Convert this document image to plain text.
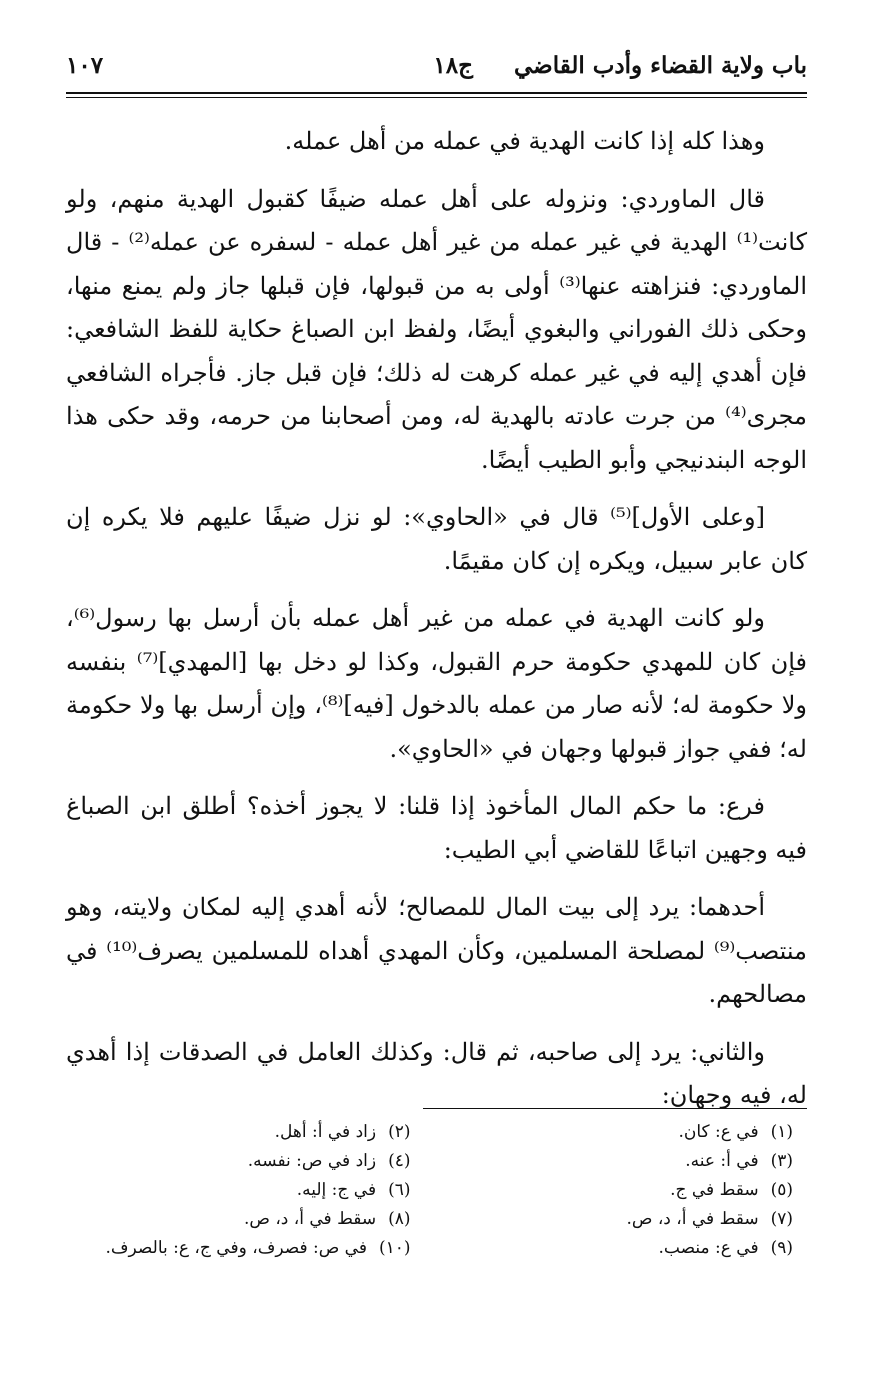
باب ولاية القضاء وأدب القاضي
ج١٨
١٠٧

وهذا كله إذا كانت الهدية في عمله من أهل عمله.

قال الماوردي: ونزوله على أهل عمله ضيفًا كقبول الهدية منهم، ولو كانت⁽¹⁾ الهدية في غير عمله من غير أهل عمله - لسفره عن عمله⁽²⁾ - قال الماوردي: فنزاهته عنها⁽³⁾ أولى به من قبولها، فإن قبلها جاز ولم يمنع منها، وحكى ذلك الفوراني والبغوي أيضًا، ولفظ ابن الصباغ حكاية للفظ الشافعي: فإن أهدي إليه في غير عمله كرهت له ذلك؛ فإن قبل جاز. فأجراه الشافعي مجرى⁽⁴⁾ من جرت عادته بالهدية له، ومن أصحابنا من حرمه، وقد حكى هذا الوجه البندنيجي وأبو الطيب أيضًا.

[وعلى الأول]⁽⁵⁾ قال في «الحاوي»: لو نزل ضيفًا عليهم فلا يكره إن كان عابر سبيل، ويكره إن كان مقيمًا.

ولو كانت الهدية في عمله من غير أهل عمله بأن أرسل بها رسول⁽⁶⁾، فإن كان للمهدي حكومة حرم القبول، وكذا لو دخل بها [المهدي]⁽⁷⁾ بنفسه ولا حكومة له؛ لأنه صار من عمله بالدخول [فيه]⁽⁸⁾، وإن أرسل بها ولا حكومة له؛ ففي جواز قبولها وجهان في «الحاوي».

فرع: ما حكم المال المأخوذ إذا قلنا: لا يجوز أخذه؟ أطلق ابن الصباغ فيه وجهين اتباعًا للقاضي أبي الطيب:

أحدهما: يرد إلى بيت المال للمصالح؛ لأنه أهدي إليه لمكان ولايته، وهو منتصب⁽⁹⁾ لمصلحة المسلمين، وكأن المهدي أهداه للمسلمين يصرف⁽¹⁰⁾ في مصالحهم.

والثاني: يرد إلى صاحبه، ثم قال: وكذلك العامل في الصدقات إذا أهدي له، فيه وجهان:

(١)
في ع: كان.
(٢)
زاد في أ: أهل.
(٣)
في أ: عنه.
(٤)
زاد في ص: نفسه.
(٥)
سقط في ج.
(٦)
في ج: إليه.
(٧)
سقط في أ، د، ص.
(٨)
سقط في أ، د، ص.
(٩)
في ع: منصب.
(١٠)
في ص: فصرف، وفي ج، ع: بالصرف.
